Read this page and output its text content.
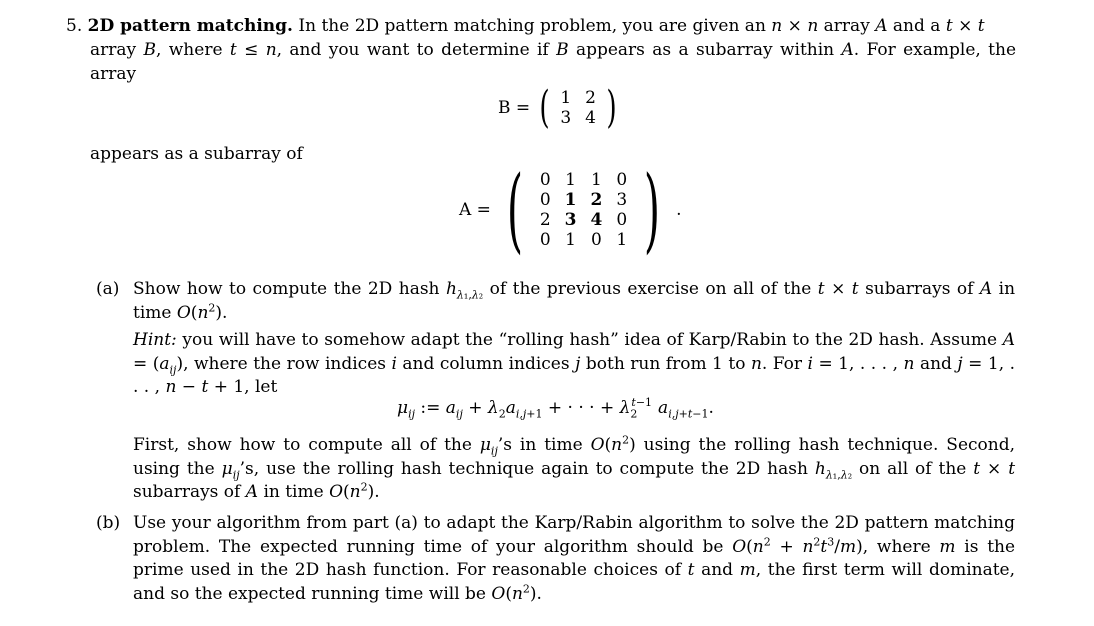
5. 2D pattern matching. In the 2D pattern matching problem, you are given an n × n array A and a t × t
array B, where t ≤ n, and you want to determine if B appears as a subarray within A. For example, the array
B = ( 1	2
3	4 )
appears as a subarray of
A = ( 0	1	1	0
0	1	2	3
2	3	4	0
0	1	0	1 ) .
(a) Show how to compute the 2D hash $h_{\lambda_1,\lambda_2}$ of the previous exercise on all of the t × t subarrays of A in time $O(n^2)$.
Hint: you will have to somehow adapt the “rolling hash” idea of Karp/Rabin to the 2D hash. Assume $A = (a_{ij})$, where the row indices i and column indices j both run from 1 to n. For i = 1, . . . , n and j = 1, . . . , n − t + 1, let
$\mu_{ij}$ := $a_{ij} + \lambda_2a_{i,j+1}$ + · · · + $\lambda_2^{t-1}$ $a_{i,j+t-1}$.
First, show how to compute all of the $\mu_{ij}’s$ in time $O(n^2)$ using the rolling hash technique. Second, using the $\mu_{ij}’s$, use the rolling hash technique again to compute the 2D hash $h_{\lambda_1,\lambda_2}$ on all of the t × t subarrays of A in time $O(n^2)$.
(b) Use your algorithm from part (a) to adapt the Karp/Rabin algorithm to solve the 2D pattern matching problem. The expected running time of your algorithm should be $O(n^2 + n^2t^3/m)$, where m is the prime used in the 2D hash function. For reasonable choices of t and m, the first term will dominate, and so the expected running time will be $O(n^2)$.
